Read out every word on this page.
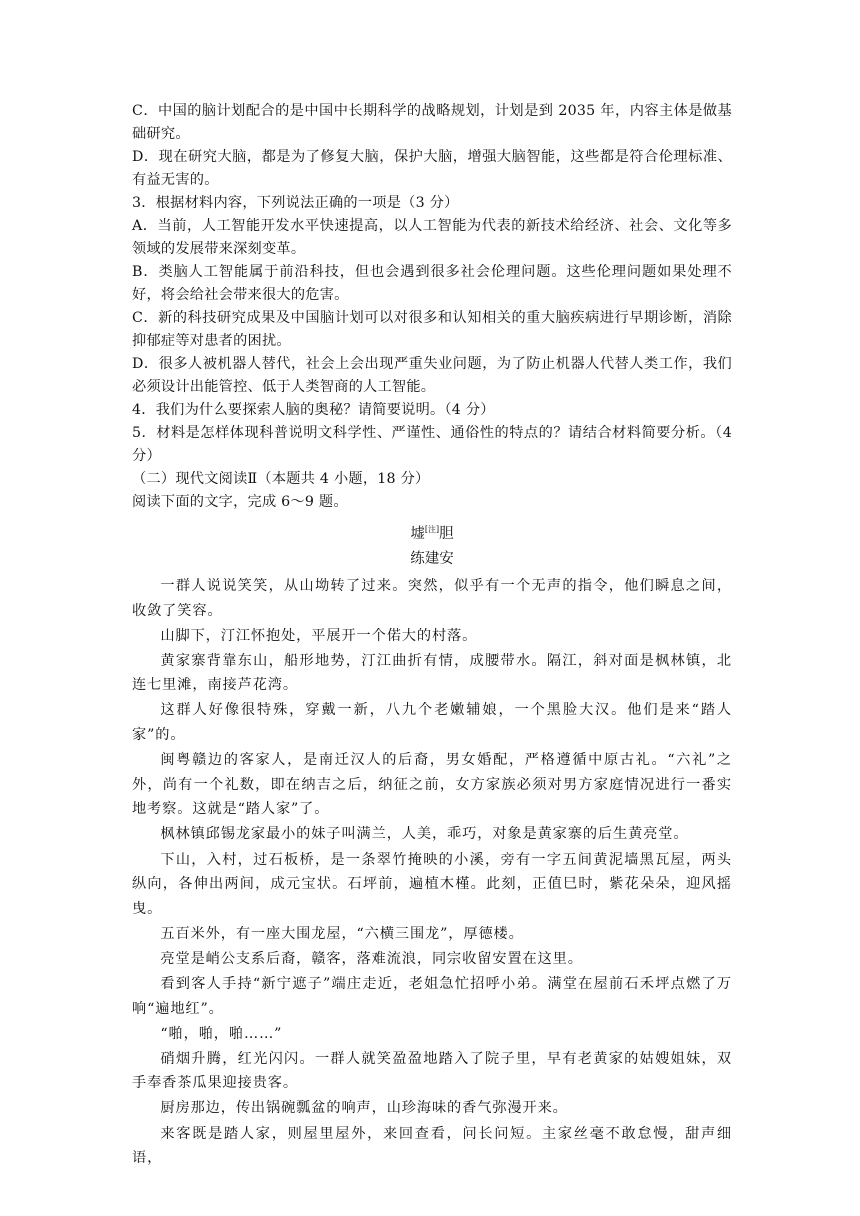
C．中国的脑计划配合的是中国中长期科学的战略规划，计划是到 2035 年，内容主体是做基础研究。

D．现在研究大脑，都是为了修复大脑，保护大脑，增强大脑智能，这些都是符合伦理标准、有益无害的。

3．根据材料内容，下列说法正确的一项是（3 分）

A．当前，人工智能开发水平快速提高，以人工智能为代表的新技术给经济、社会、文化等多领域的发展带来深刻变革。

B．类脑人工智能属于前沿科技，但也会遇到很多社会伦理问题。这些伦理问题如果处理不好，将会给社会带来很大的危害。

C．新的科技研究成果及中国脑计划可以对很多和认知相关的重大脑疾病进行早期诊断，消除抑郁症等对患者的困扰。

D．很多人被机器人替代，社会上会出现严重失业问题，为了防止机器人代替人类工作，我们必须设计出能管控、低于人类智商的人工智能。

4．我们为什么要探索人脑的奥秘？请简要说明。（4 分）

5．材料是怎样体现科普说明文科学性、严谨性、通俗性的特点的？请结合材料简要分析。（4 分）

（二）现代文阅读Ⅱ（本题共 4 小题，18 分）

阅读下面的文字，完成 6～9 题。

墟[注]胆
练建安

一群人说说笑笑，从山坳转了过来。突然，似乎有一个无声的指令，他们瞬息之间，收敛了笑容。

山脚下，汀江怀抱处，平展开一个偌大的村落。

黄家寨背靠东山，船形地势，汀江曲折有情，成腰带水。隔江，斜对面是枫林镇，北连七里滩，南接芦花湾。

这群人好像很特殊，穿戴一新，八九个老嫩辅娘，一个黑脸大汉。他们是来“踏人家”的。

闽粤赣边的客家人，是南迁汉人的后裔，男女婚配，严格遵循中原古礼。“六礼”之外，尚有一个礼数，即在纳吉之后，纳征之前，女方家族必须对男方家庭情况进行一番实地考察。这就是“踏人家”了。

枫林镇邱锡龙家最小的妹子叫满兰，人美，乖巧，对象是黄家寨的后生黄亮堂。

下山，入村，过石板桥，是一条翠竹掩映的小溪，旁有一字五间黄泥墙黑瓦屋，两头纵向，各伸出两间，成元宝状。石坪前，遍植木槿。此刻，正值巳时，紫花朵朵，迎风摇曳。

五百米外，有一座大围龙屋，“六横三围龙”，厚德楼。

亮堂是峭公支系后裔，赣客，落难流浪，同宗收留安置在这里。

看到客人手持“新宁遮子”端庄走近，老姐急忙招呼小弟。满堂在屋前石禾坪点燃了万响“遍地红”。

“啪，啪，啪……”

硝烟升腾，红光闪闪。一群人就笑盈盈地踏入了院子里，早有老黄家的姑嫂姐妹，双手奉香茶瓜果迎接贵客。

厨房那边，传出锅碗瓢盆的响声，山珍海味的香气弥漫开来。

来客既是踏人家，则屋里屋外，来回查看，问长问短。主家丝毫不敢怠慢，甜声细语，
